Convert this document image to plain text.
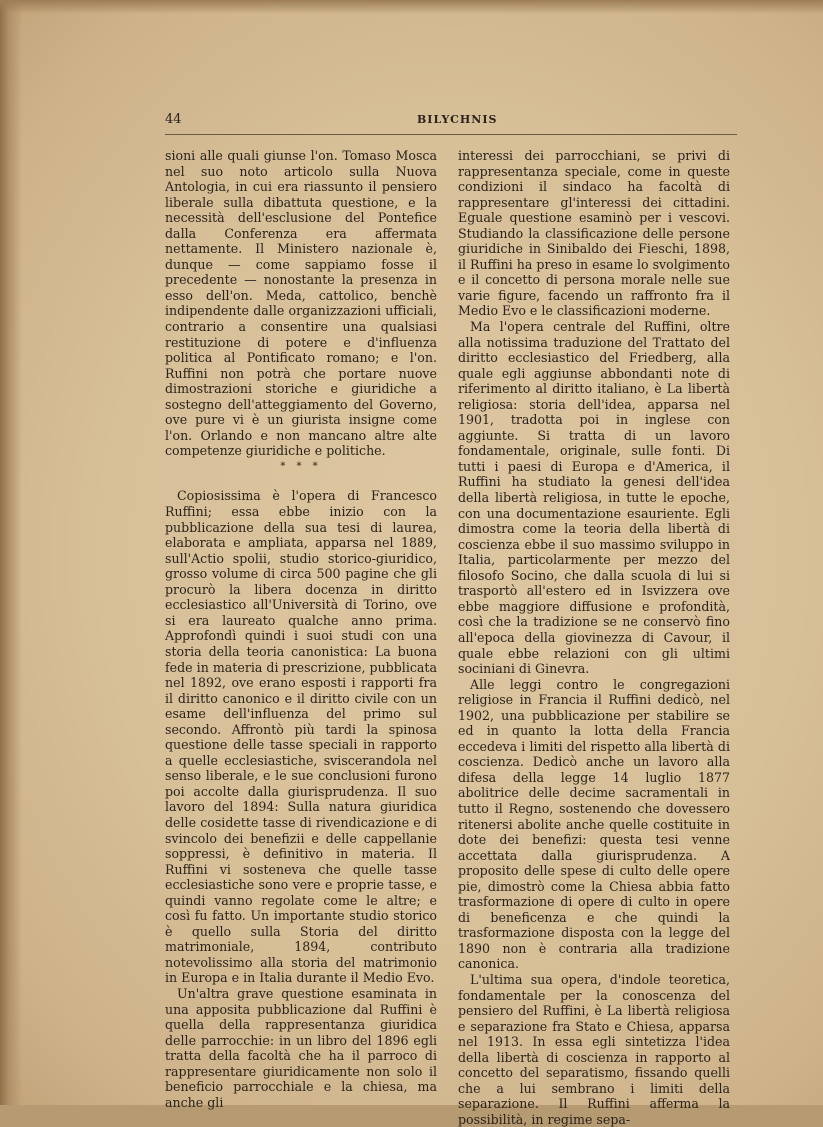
44	BILYCHNIS

sioni alle quali giunse l'on. Tomaso Mosca nel suo noto articolo sulla Nuova Antologia, in cui era riassunto il pensiero liberale sulla dibattuta questione, e la necessità dell'esclusione del Pontefice dalla Conferenza era affermata nettamente. Il Ministero nazionale è, dunque — come sappiamo fosse il precedente — nonostante la presenza in esso dell'on. Meda, cattolico, benchè indipendente dalle organizzazioni ufficiali, contrario a consentire una qualsiasi restituzione di potere e d'influenza politica al Pontificato romano; e l'on. Ruffini non potrà che portare nuove dimostrazioni storiche e giuridiche a sostegno dell'atteggiamento del Governo, ove pure vi è un giurista insigne come l'on. Orlando e non mancano altre alte competenze giuridiche e politiche.

* * *

Copiosissima è l'opera di Francesco Ruffini; essa ebbe inizio con la pubblicazione della sua tesi di laurea, elaborata e ampliata, apparsa nel 1889, sull'Actio spolii, studio storico-giuridico, grosso volume di circa 500 pagine che gli procurò la libera docenza in diritto ecclesiastico all'Università di Torino, ove si era laureato qualche anno prima. Approfondì quindi i suoi studi con una storia della teoria canonistica: La buona fede in materia di prescrizione, pubblicata nel 1892, ove erano esposti i rapporti fra il diritto canonico e il diritto civile con un esame dell'influenza del primo sul secondo. Affrontò più tardi la spinosa questione delle tasse speciali in rapporto a quelle ecclesiastiche, sviscerandola nel senso liberale, e le sue conclusioni furono poi accolte dalla giurisprudenza. Il suo lavoro del 1894: Sulla natura giuridica delle cosidette tasse di rivendicazione e di svincolo dei benefizii e delle cappellanie soppressi, è definitivo in materia. Il Ruffini vi sosteneva che quelle tasse ecclesiastiche sono vere e proprie tasse, e quindi vanno regolate come le altre; e così fu fatto. Un importante studio storico è quello sulla Storia del diritto matrimoniale, 1894, contributo notevolissimo alla storia del matrimonio in Europa e in Italia durante il Medio Evo.

Un'altra grave questione esaminata in una apposita pubblicazione dal Ruffini è quella della rappresentanza giuridica delle parrocchie: in un libro del 1896 egli tratta della facoltà che ha il parroco di rappresentare giuridicamente non solo il beneficio parrocchiale e la chiesa, ma anche gli

interessi dei parrocchiani, se privi di rappresentanza speciale, come in queste condizioni il sindaco ha facoltà di rappresentare gl'interessi dei cittadini. Eguale questione esaminò per i vescovi. Studiando la classificazione delle persone giuridiche in Sinibaldo dei Fieschi, 1898, il Ruffini ha preso in esame lo svolgimento e il concetto di persona morale nelle sue varie figure, facendo un raffronto fra il Medio Evo e le classificazioni moderne.

Ma l'opera centrale del Ruffini, oltre alla notissima traduzione del Trattato del diritto ecclesiastico del Friedberg, alla quale egli aggiunse abbondanti note di riferimento al diritto italiano, è La libertà religiosa: storia dell'idea, apparsa nel 1901, tradotta poi in inglese con aggiunte. Si tratta di un lavoro fondamentale, originale, sulle fonti. Di tutti i paesi di Europa e d'America, il Ruffini ha studiato la genesi dell'idea della libertà religiosa, in tutte le epoche, con una documentazione esauriente. Egli dimostra come la teoria della libertà di coscienza ebbe il suo massimo sviluppo in Italia, particolarmente per mezzo del filosofo Socino, che dalla scuola di lui si trasportò all'estero ed in Isvizzera ove ebbe maggiore diffusione e profondità, così che la tradizione se ne conservò fino all'epoca della giovinezza di Cavour, il quale ebbe relazioni con gli ultimi sociniani di Ginevra.

Alle leggi contro le congregazioni religiose in Francia il Ruffini dedicò, nel 1902, una pubblicazione per stabilire se ed in quanto la lotta della Francia eccedeva i limiti del rispetto alla libertà di coscienza. Dedicò anche un lavoro alla difesa della legge 14 luglio 1877 abolitrice delle decime sacramentali in tutto il Regno, sostenendo che dovessero ritenersi abolite anche quelle costituite in dote dei benefizi: questa tesi venne accettata dalla giurisprudenza. A proposito delle spese di culto delle opere pie, dimostrò come la Chiesa abbia fatto trasformazione di opere di culto in opere di beneficenza e che quindi la trasformazione disposta con la legge del 1890 non è contraria alla tradizione canonica.

L'ultima sua opera, d'indole teoretica, fondamentale per la conoscenza del pensiero del Ruffini, è La libertà religiosa e separazione fra Stato e Chiesa, apparsa nel 1913. In essa egli sintetizza l'idea della libertà di coscienza in rapporto al concetto del separatismo, fissando quelli che a lui sembrano i limiti della separazione. Il Ruffini afferma la possibilità, in regime sepa-
